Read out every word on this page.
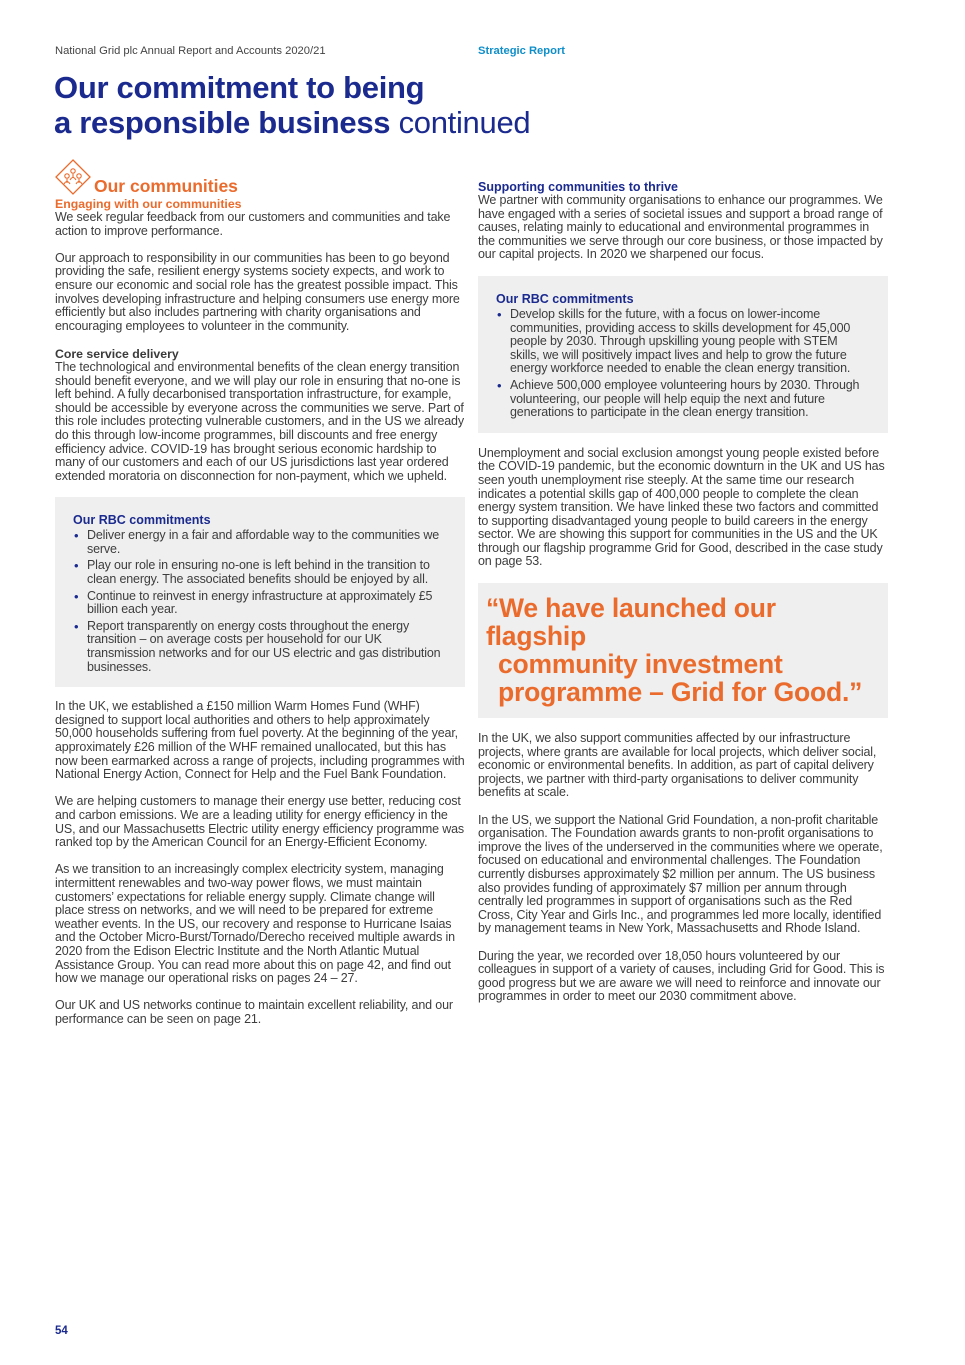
National Grid plc Annual Report and Accounts 2020/21	Strategic Report
Our commitment to being
a responsible business continued
Our communities
Engaging with our communities

We seek regular feedback from our customers and communities and take action to improve performance.

Our approach to responsibility in our communities has been to go beyond providing the safe, resilient energy systems society expects, and work to ensure our economic and social role has the greatest possible impact. This involves developing infrastructure and helping consumers use energy more efficiently but also includes partnering with charity organisations and encouraging employees to volunteer in the community.

Core service delivery

The technological and environmental benefits of the clean energy transition should benefit everyone, and we will play our role in ensuring that no-one is left behind. A fully decarbonised transportation infrastructure, for example, should be accessible by everyone across the communities we serve. Part of this role includes protecting vulnerable customers, and in the US we already do this through low-income programmes, bill discounts and free energy efficiency advice. COVID-19 has brought serious economic hardship to many of our customers and each of our US jurisdictions last year ordered extended moratoria on disconnection for non-payment, which we upheld.

Our RBC commitments
• Deliver energy in a fair and affordable way to the communities we serve.
• Play our role in ensuring no-one is left behind in the transition to clean energy. The associated benefits should be enjoyed by all.
• Continue to reinvest in energy infrastructure at approximately £5 billion each year.
• Report transparently on energy costs throughout the energy transition – on average costs per household for our UK transmission networks and for our US electric and gas distribution businesses.

In the UK, we established a £150 million Warm Homes Fund (WHF) designed to support local authorities and others to help approximately 50,000 households suffering from fuel poverty. At the beginning of the year, approximately £26 million of the WHF remained unallocated, but this has now been earmarked across a range of projects, including programmes with National Energy Action, Connect for Help and the Fuel Bank Foundation.

We are helping customers to manage their energy use better, reducing cost and carbon emissions. We are a leading utility for energy efficiency in the US, and our Massachusetts Electric utility energy efficiency programme was ranked top by the American Council for an Energy-Efficient Economy.

As we transition to an increasingly complex electricity system, managing intermittent renewables and two-way power flows, we must maintain customers’ expectations for reliable energy supply. Climate change will place stress on networks, and we will need to be prepared for extreme weather events. In the US, our recovery and response to Hurricane Isaias and the October Micro-Burst/Tornado/Derecho received multiple awards in 2020 from the Edison Electric Institute and the North Atlantic Mutual Assistance Group. You can read more about this on page 42, and find out how we manage our operational risks on pages 24 – 27.

Our UK and US networks continue to maintain excellent reliability, and our performance can be seen on page 21.

Supporting communities to thrive

We partner with community organisations to enhance our programmes. We have engaged with a series of societal issues and support a broad range of causes, relating mainly to educational and environmental programmes in the communities we serve through our core business, or those impacted by our capital projects. In 2020 we sharpened our focus.

Our RBC commitments
• Develop skills for the future, with a focus on lower-income communities, providing access to skills development for 45,000 people by 2030. Through upskilling young people with STEM skills, we will positively impact lives and help to grow the future energy workforce needed to enable the clean energy transition.
• Achieve 500,000 employee volunteering hours by 2030. Through volunteering, our people will help equip the next and future generations to participate in the clean energy transition.

Unemployment and social exclusion amongst young people existed before the COVID-19 pandemic, but the economic downturn in the UK and US has seen youth unemployment rise steeply. At the same time our research indicates a potential skills gap of 400,000 people to complete the clean energy system transition. We have linked these two factors and committed to supporting disadvantaged young people to build careers in the energy sector. We are showing this support for communities in the US and the UK through our flagship programme Grid for Good, described in the case study on page 53.

“We have launched our flagship
community investment
programme – Grid for Good.”

In the UK, we also support communities affected by our infrastructure projects, where grants are available for local projects, which deliver social, economic or environmental benefits. In addition, as part of capital delivery projects, we partner with third-party organisations to deliver community benefits at scale.

In the US, we support the National Grid Foundation, a non-profit charitable organisation. The Foundation awards grants to non-profit organisations to improve the lives of the underserved in the communities where we operate, focused on educational and environmental challenges. The Foundation currently disburses approximately $2 million per annum. The US business also provides funding of approximately $7 million per annum through centrally led programmes in support of organisations such as the Red Cross, City Year and Girls Inc., and programmes led more locally, identified by management teams in New York, Massachusetts and Rhode Island.

During the year, we recorded over 18,050 hours volunteered by our colleagues in support of a variety of causes, including Grid for Good. This is good progress but we are aware we will need to reinforce and innovate our programmes in order to meet our 2030 commitment above.

54
